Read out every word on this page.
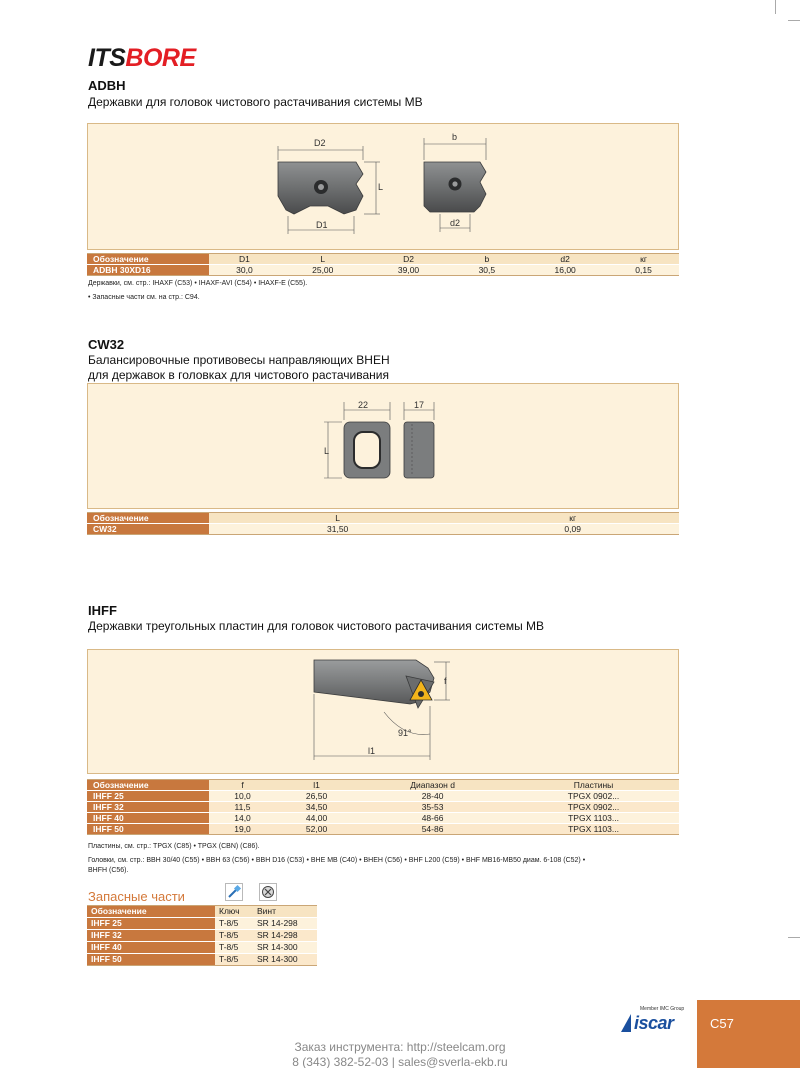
ITSBORE
ADBH
Державки для головок чистового растачивания системы МВ
D2
D1
L
b
d2
Обозначение	D1	L	D2	b	d2	кг
ADBH 30XD16	30,0	25,00	39,00	30,5	16,00	0,15
Державки, см. стр.: IHAXF (C53) • IHAXF-AVI (C54) • IHAXF-E (C55).
• Запасные части см. на стр.: C94.
CW32
Балансировочные противовесы направляющих BHEH
для державок в головках для чистового растачивания
22
L
17
Обозначение	L	кг
CW32	31,50	0,09
IHFF
Державки треугольных пластин для головок чистового растачивания системы МВ
f
91°
l1
Обозначение	f	l1	Диапазон d	Пластины
IHFF 25	10,0	26,50	28-40	TPGX 0902...
IHFF 32	11,5	34,50	35-53	TPGX 0902...
IHFF 40	14,0	44,00	48-66	TPGX 1103...
IHFF 50	19,0	52,00	54-86	TPGX 1103...
Пластины, см. стр.: TPGX (C85) • TPGX (CBN) (C86).
Головки, см. стр.: BBH 30/40 (C55) • BBH 63 (C56) • BBH D16 (C53) • BHE MB (C40) • BHEH (C56) • BHF L200 (C59) • BHF MB16-MB50 диам. 6-108 (C52) •
BHFH (C56).
Запасные части
Обозначение	Ключ	Винт
IHFF 25	T-8/5	SR 14-298
IHFF 32	T-8/5	SR 14-298
IHFF 40	T-8/5	SR 14-300
IHFF 50	T-8/5	SR 14-300
Member IMC Group
iscar	C57
Заказ инструмента: http://steelcam.org
8 (343) 382-52-03 | sales@sverla-ekb.ru
